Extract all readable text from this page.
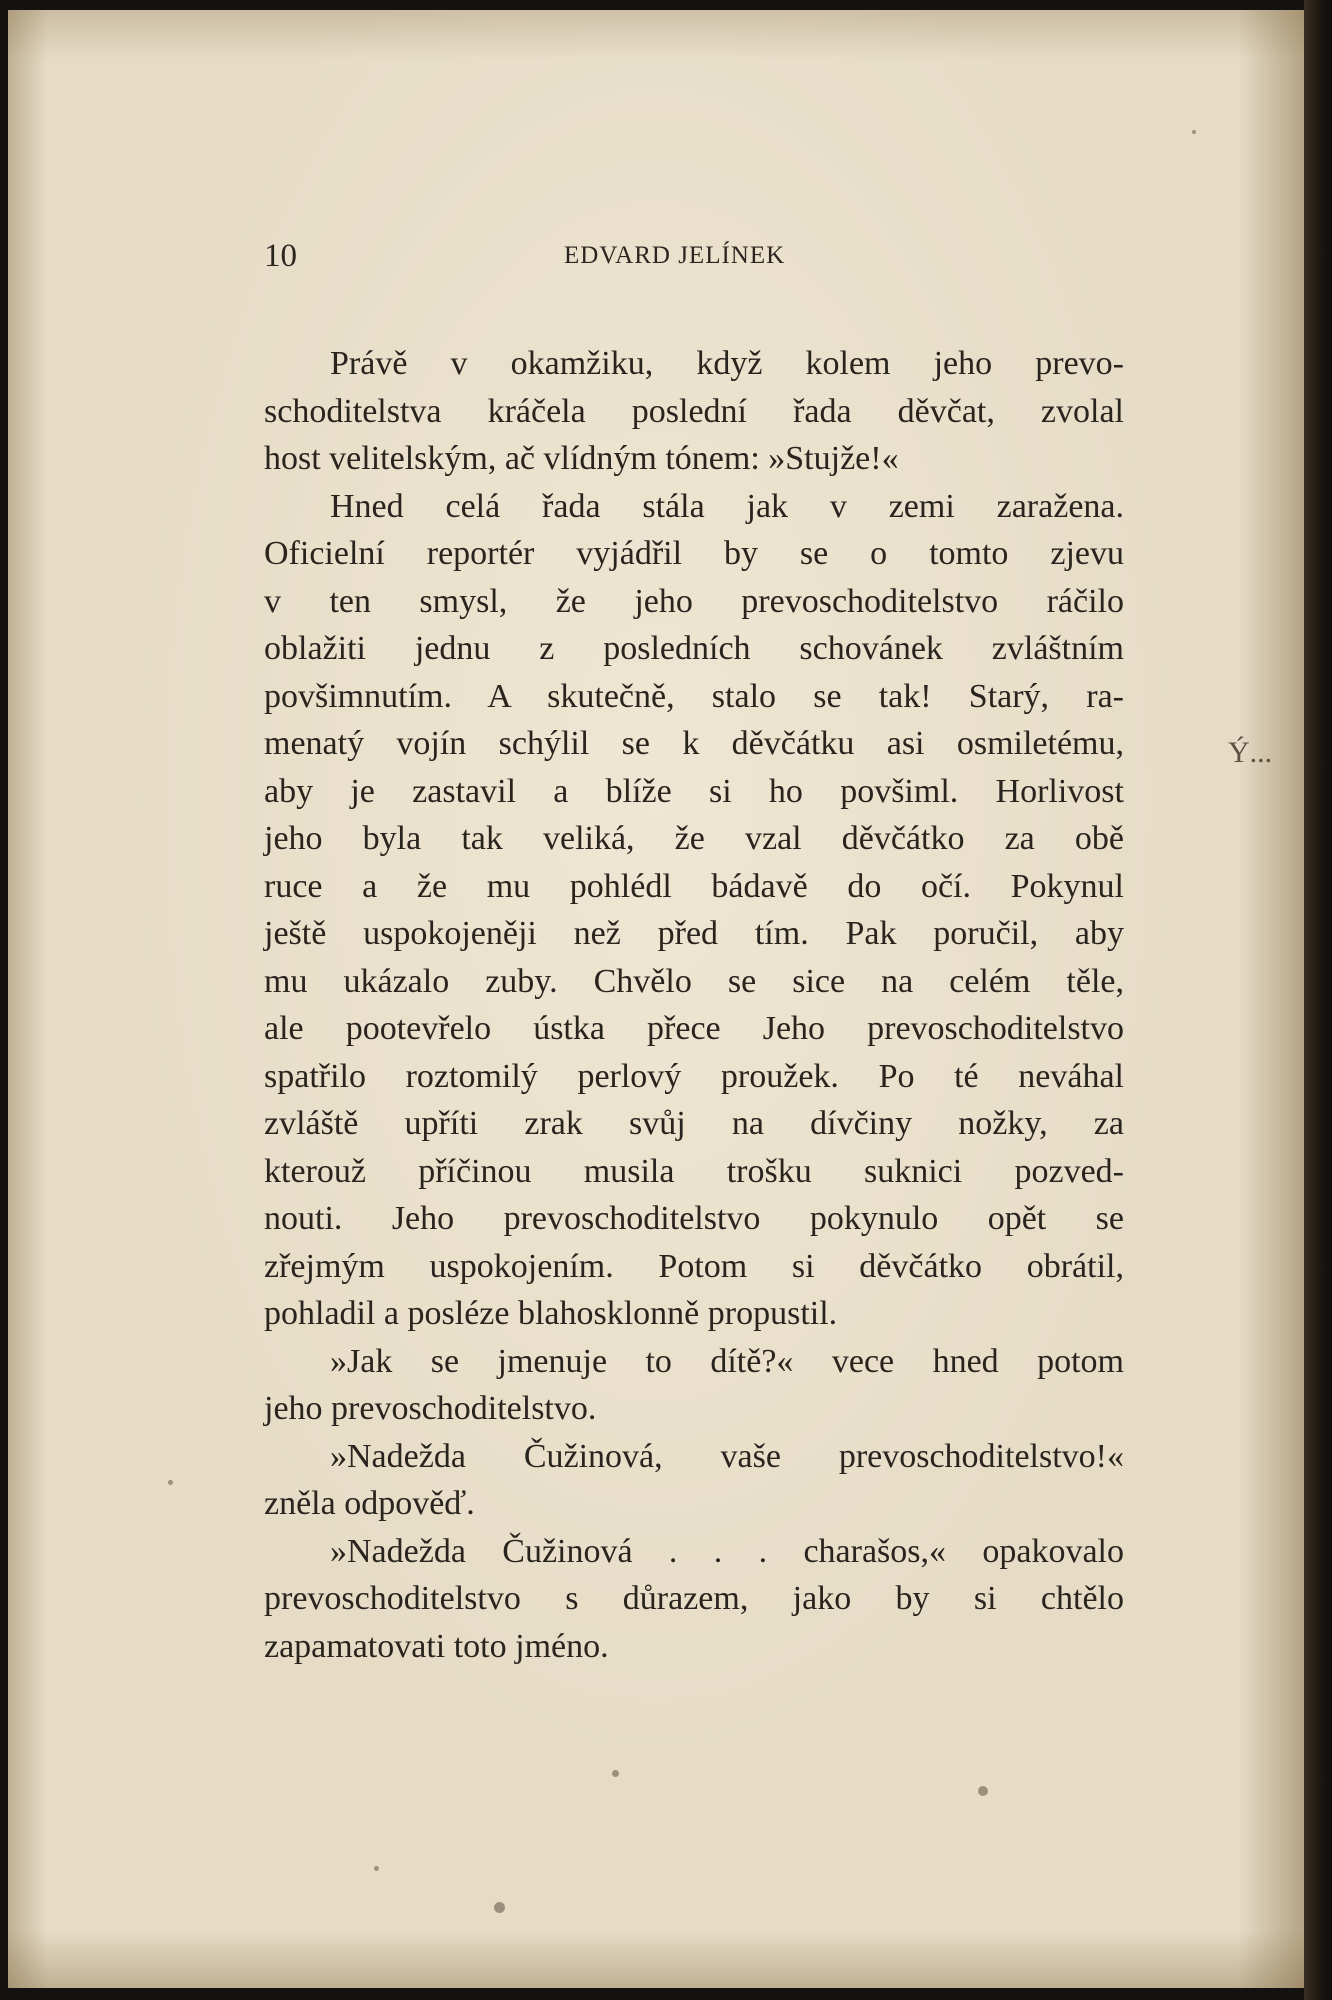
10	EDVARD JELÍNEK
Právě v okamžiku, když kolem jeho prevo-
schoditelstva kráčela poslední řada děvčat, zvolal
host velitelským, ač vlídným tónem: »Stujže!«
Hned celá řada stála jak v zemi zaražena.
Oficielní reportér vyjádřil by se o tomto zjevu
v ten smysl, že jeho prevoschoditelstvo ráčilo
oblažiti jednu z posledních schovánek zvláštním
povšimnutím. A skutečně, stalo se tak! Starý, ra-
menatý vojín schýlil se k děvčátku asi osmiletému,
aby je zastavil a blíže si ho povšiml. Horlivost
jeho byla tak veliká, že vzal děvčátko za obě
ruce a že mu pohlédl bádavě do očí. Pokynul
ještě uspokojeněji než před tím. Pak poručil, aby
mu ukázalo zuby. Chvělo se sice na celém těle,
ale pootevřelo ústka přece Jeho prevoschoditelstvo
spatřilo roztomilý perlový proužek. Po té neváhal
zvláště upříti zrak svůj na dívčiny nožky, za
kterouž příčinou musila trošku suknici pozved-
nouti. Jeho prevoschoditelstvo pokynulo opět se
zřejmým uspokojením. Potom si děvčátko obrátil,
pohladil a posléze blahosklonně propustil.
»Jak se jmenuje to dítě?« vece hned potom
jeho prevoschoditelstvo.
»Nadežda Čužinová, vaše prevoschoditelstvo!«
zněla odpověď.
»Nadežda Čužinová . . . charašos,« opakovalo
prevoschoditelstvo s důrazem, jako by si chtělo
zapamatovati toto jméno.
Ý...
